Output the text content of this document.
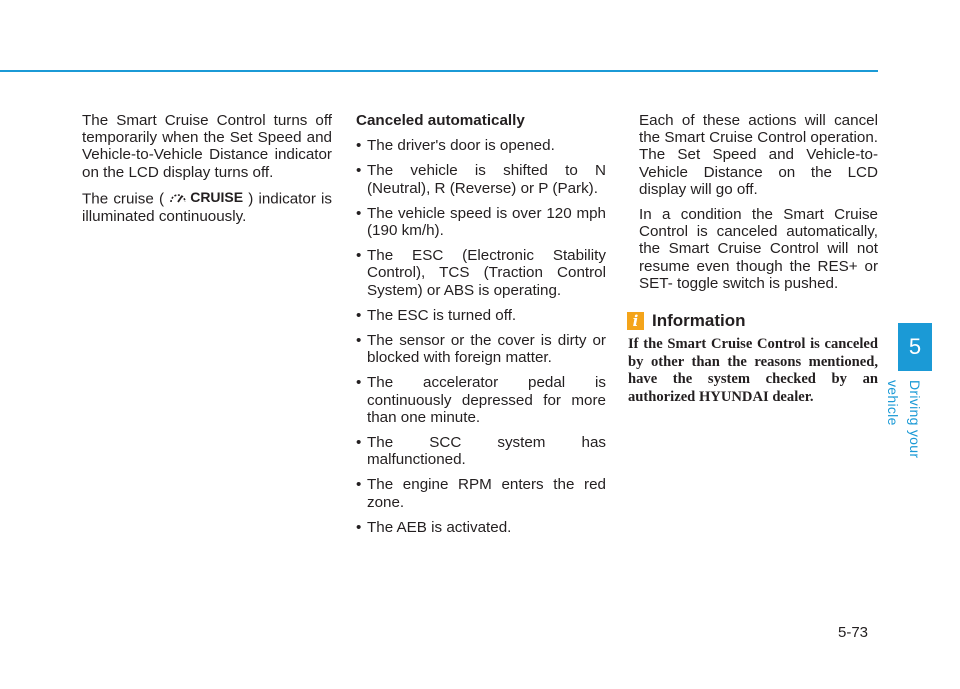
The Smart Cruise Control turns off temporarily when the Set Speed and Vehicle-to-Vehicle Distance indicator on the LCD display turns off.

The cruise ( CRUISE ) indicator is illuminated continuously.

Canceled automatically
• The driver's door is opened.
• The vehicle is shifted to N (Neutral), R (Reverse) or P (Park).
• The vehicle speed is over 120 mph (190 km/h).
• The ESC (Electronic Stability Control), TCS (Traction Control System) or ABS is operating.
• The ESC is turned off.
• The sensor or the cover is dirty or blocked with foreign matter.
• The accelerator pedal is continuously depressed for more than one minute.
• The SCC system has malfunctioned.
• The engine RPM enters the red zone.
• The AEB is activated.

Each of these actions will cancel the Smart Cruise Control operation. The Set Speed and Vehicle-to-Vehicle Distance on the LCD display will go off.

In a condition the Smart Cruise Control is canceled automatically, the Smart Cruise Control will not resume even though the RES+ or SET- toggle switch is pushed.

i Information

If the Smart Cruise Control is canceled by other than the reasons mentioned, have the system checked by an authorized HYUNDAI dealer.

5
Driving your vehicle
5-73
